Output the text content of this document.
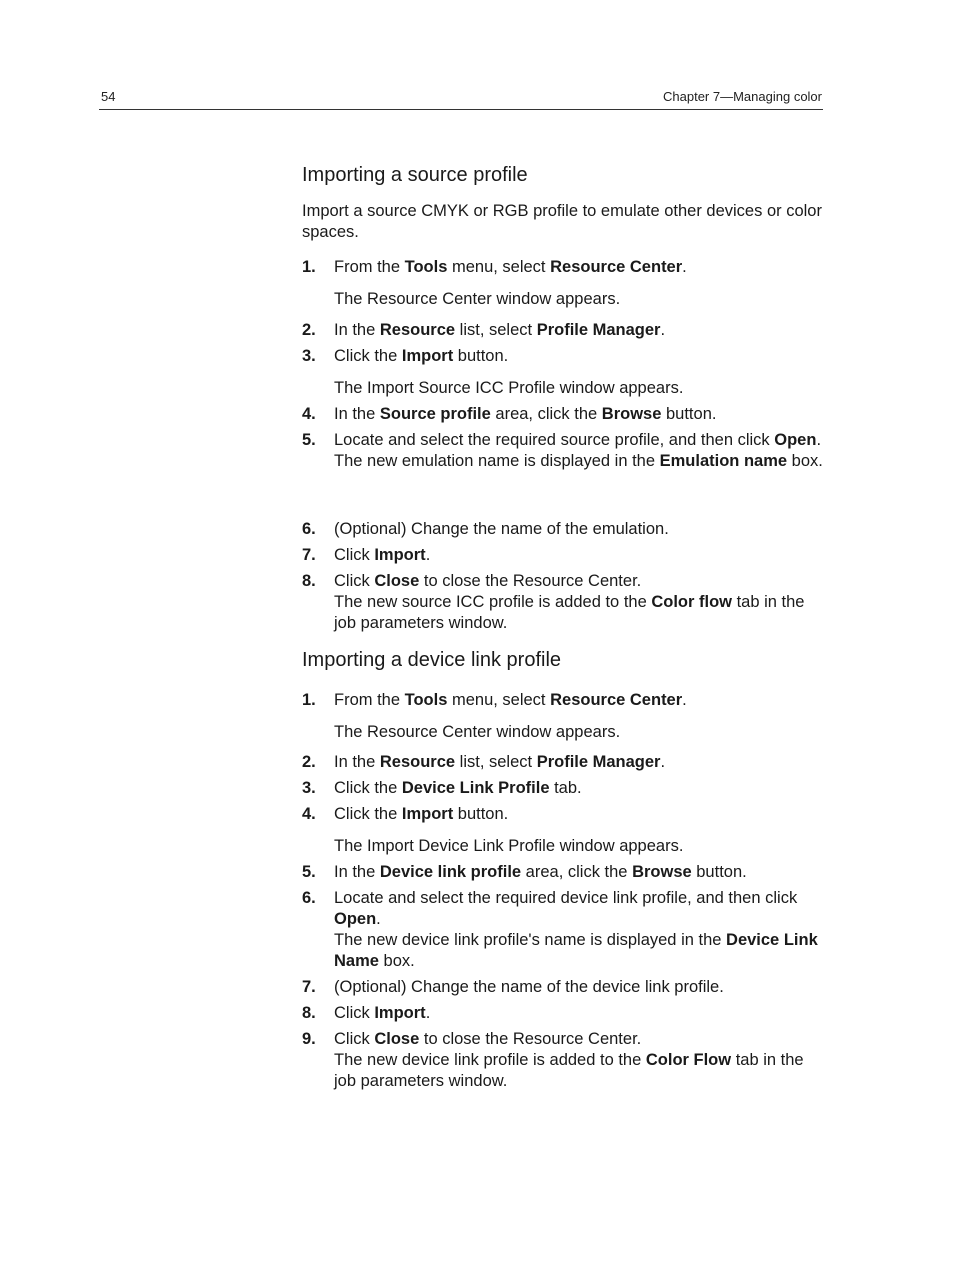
54	Chapter 7—Managing color
Importing a source profile

Import a source CMYK or RGB profile to emulate other devices or color spaces.

1. From the Tools menu, select Resource Center.
The Resource Center window appears.
2. In the Resource list, select Profile Manager.
3. Click the Import button.
The Import Source ICC Profile window appears.
4. In the Source profile area, click the Browse button.
5. Locate and select the required source profile, and then click Open.
The new emulation name is displayed in the Emulation name box.
6. (Optional) Change the name of the emulation.
7. Click Import.
8. Click Close to close the Resource Center.
The new source ICC profile is added to the Color flow tab in the job parameters window.
Importing a device link profile
1. From the Tools menu, select Resource Center.
The Resource Center window appears.
2. In the Resource list, select Profile Manager.
3. Click the Device Link Profile tab.
4. Click the Import button.
The Import Device Link Profile window appears.
5. In the Device link profile area, click the Browse button.
6. Locate and select the required device link profile, and then click Open.
The new device link profile's name is displayed in the Device Link Name box.
7. (Optional) Change the name of the device link profile.
8. Click Import.
9. Click Close to close the Resource Center.
The new device link profile is added to the Color Flow tab in the job parameters window.
